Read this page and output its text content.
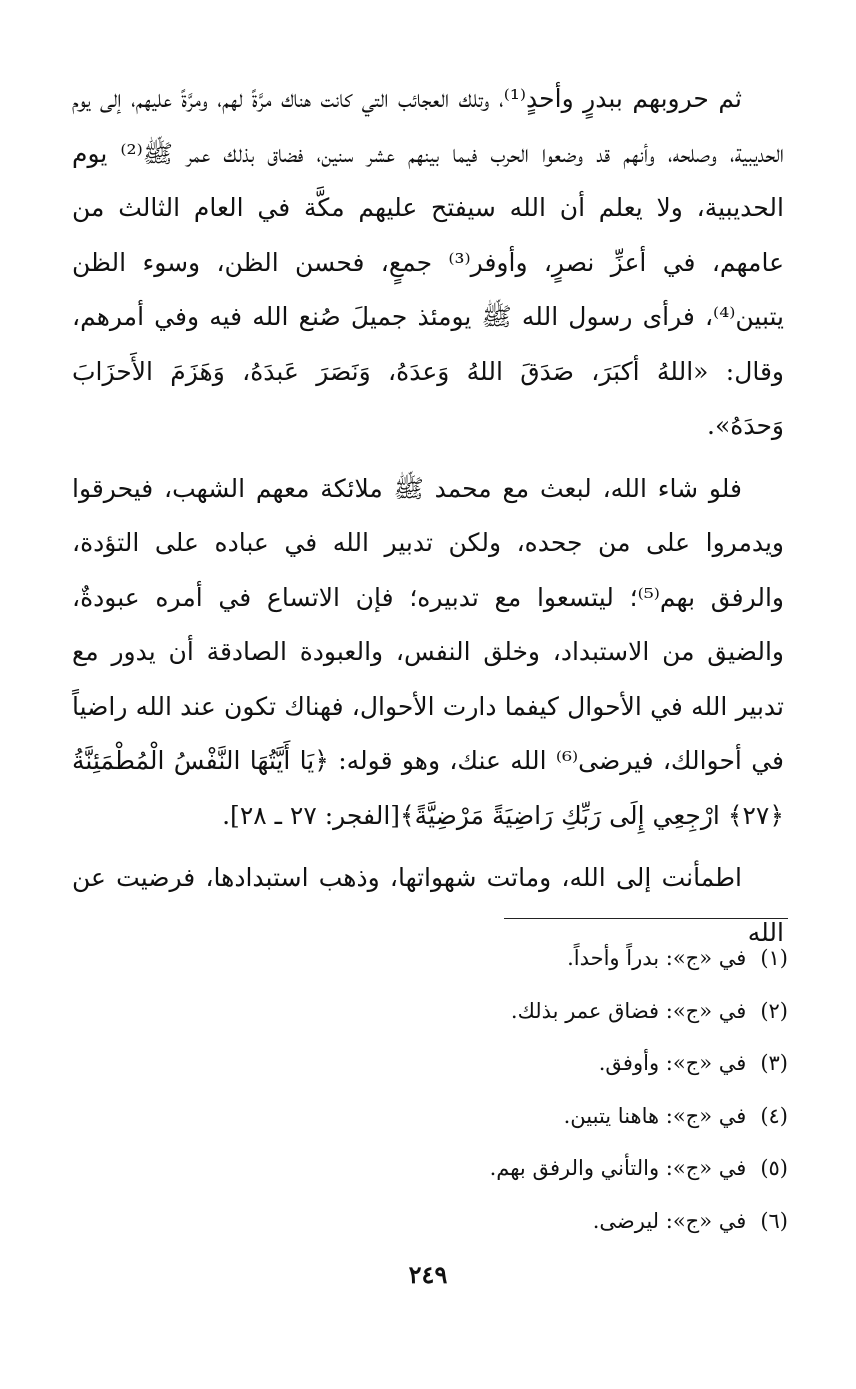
ثم حروبهم ببدرٍ وأحدٍ⁽¹⁾، وتلك العجائب التي كانت هناك مرَّةً لهم، ومرَّةً عليهم، إلى يوم الحديبية، وصلحه، وأنهم قد وضعوا الحرب فيما بينهم عشر سنين، فضاق بذلك عمر ﷺ⁽²⁾ يوم الحديبية، ولا يعلم أن الله سيفتح عليهم مكَّة في العام الثالث من عامهم، في أعزِّ نصرٍ، وأوفر⁽³⁾ جمعٍ، فحسن الظن، وسوء الظن يتبين⁽⁴⁾، فرأى رسول الله ﷺ يومئذ جميلَ صُنع الله فيه وفي أمرهم، وقال: «اللهُ أكبَرَ، صَدَقَ اللهُ وَعدَهُ، وَنَصَرَ عَبدَهُ، وَهَزَمَ الأَحزَابَ وَحدَهُ».

فلو شاء الله، لبعث مع محمد ﷺ ملائكة معهم الشهب، فيحرقوا ويدمروا على من جحده، ولكن تدبير الله في عباده على التؤدة، والرفق بهم⁽⁵⁾؛ ليتسعوا مع تدبيره؛ فإن الاتساع في أمره عبودةٌ، والضيق من الاستبداد، وخلق النفس، والعبودة الصادقة أن يدور مع تدبير الله في الأحوال كيفما دارت الأحوال، فهناك تكون عند الله راضياً في أحوالك، فيرضى⁽⁶⁾ الله عنك، وهو قوله: ﴿يَا أَيَّتُهَا النَّفْسُ الْمُطْمَئِنَّةُ ﴿٢٧﴾ ارْجِعِي إِلَى رَبِّكِ رَاضِيَةً مَرْضِيَّةً﴾[الفجر: ٢٧ ـ ٢٨].

اطمأنت إلى الله، وماتت شهواتها، وذهب استبدادها، فرضيت عن الله

(١)في «ج»: بدراً وأحداً.
(٢)في «ج»: فضاق عمر بذلك.
(٣)في «ج»: وأوفق.
(٤)في «ج»: هاهنا يتبين.
(٥)في «ج»: والتأني والرفق بهم.
(٦)في «ج»: ليرضى.
٢٤٩
